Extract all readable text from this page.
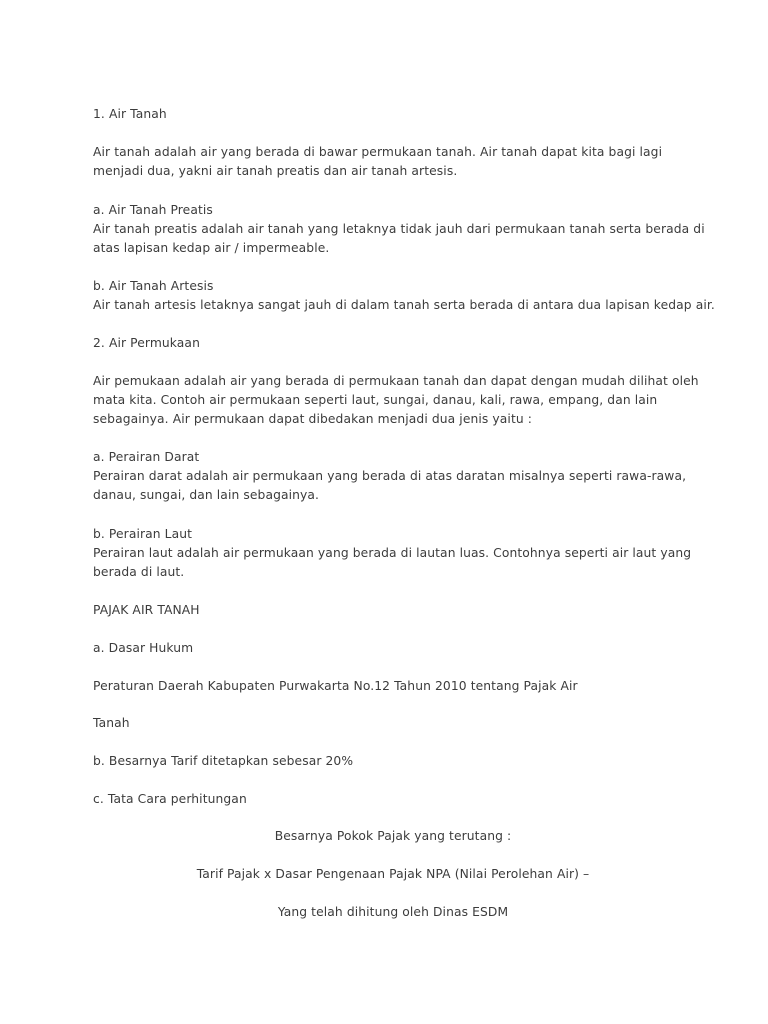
1. Air Tanah
Air tanah adalah air yang berada di bawar permukaan tanah. Air tanah dapat kita bagi lagi
menjadi dua, yakni air tanah preatis dan air tanah artesis.
a. Air Tanah Preatis
Air tanah preatis adalah air tanah yang letaknya tidak jauh dari permukaan tanah serta berada di
atas lapisan kedap air / impermeable.
b. Air Tanah Artesis
Air tanah artesis letaknya sangat jauh di dalam tanah serta berada di antara dua lapisan kedap air.
2. Air Permukaan
Air pemukaan adalah air yang berada di permukaan tanah dan dapat dengan mudah dilihat oleh
mata kita. Contoh air permukaan seperti laut, sungai, danau, kali, rawa, empang, dan lain
sebagainya. Air permukaan dapat dibedakan menjadi dua jenis yaitu :
a. Perairan Darat
Perairan darat adalah air permukaan yang berada di atas daratan misalnya seperti rawa-rawa,
danau, sungai, dan lain sebagainya.
b. Perairan Laut
Perairan laut adalah air permukaan yang berada di lautan luas. Contohnya seperti air laut yang
berada di laut.
PAJAK AIR TANAH
a. Dasar Hukum
Peraturan Daerah Kabupaten Purwakarta No.12 Tahun 2010 tentang Pajak Air
Tanah
b. Besarnya Tarif ditetapkan sebesar 20%
c. Tata Cara perhitungan
Besarnya Pokok Pajak yang terutang :
Tarif Pajak x Dasar Pengenaan Pajak NPA (Nilai Perolehan Air) –
Yang telah dihitung oleh Dinas ESDM
